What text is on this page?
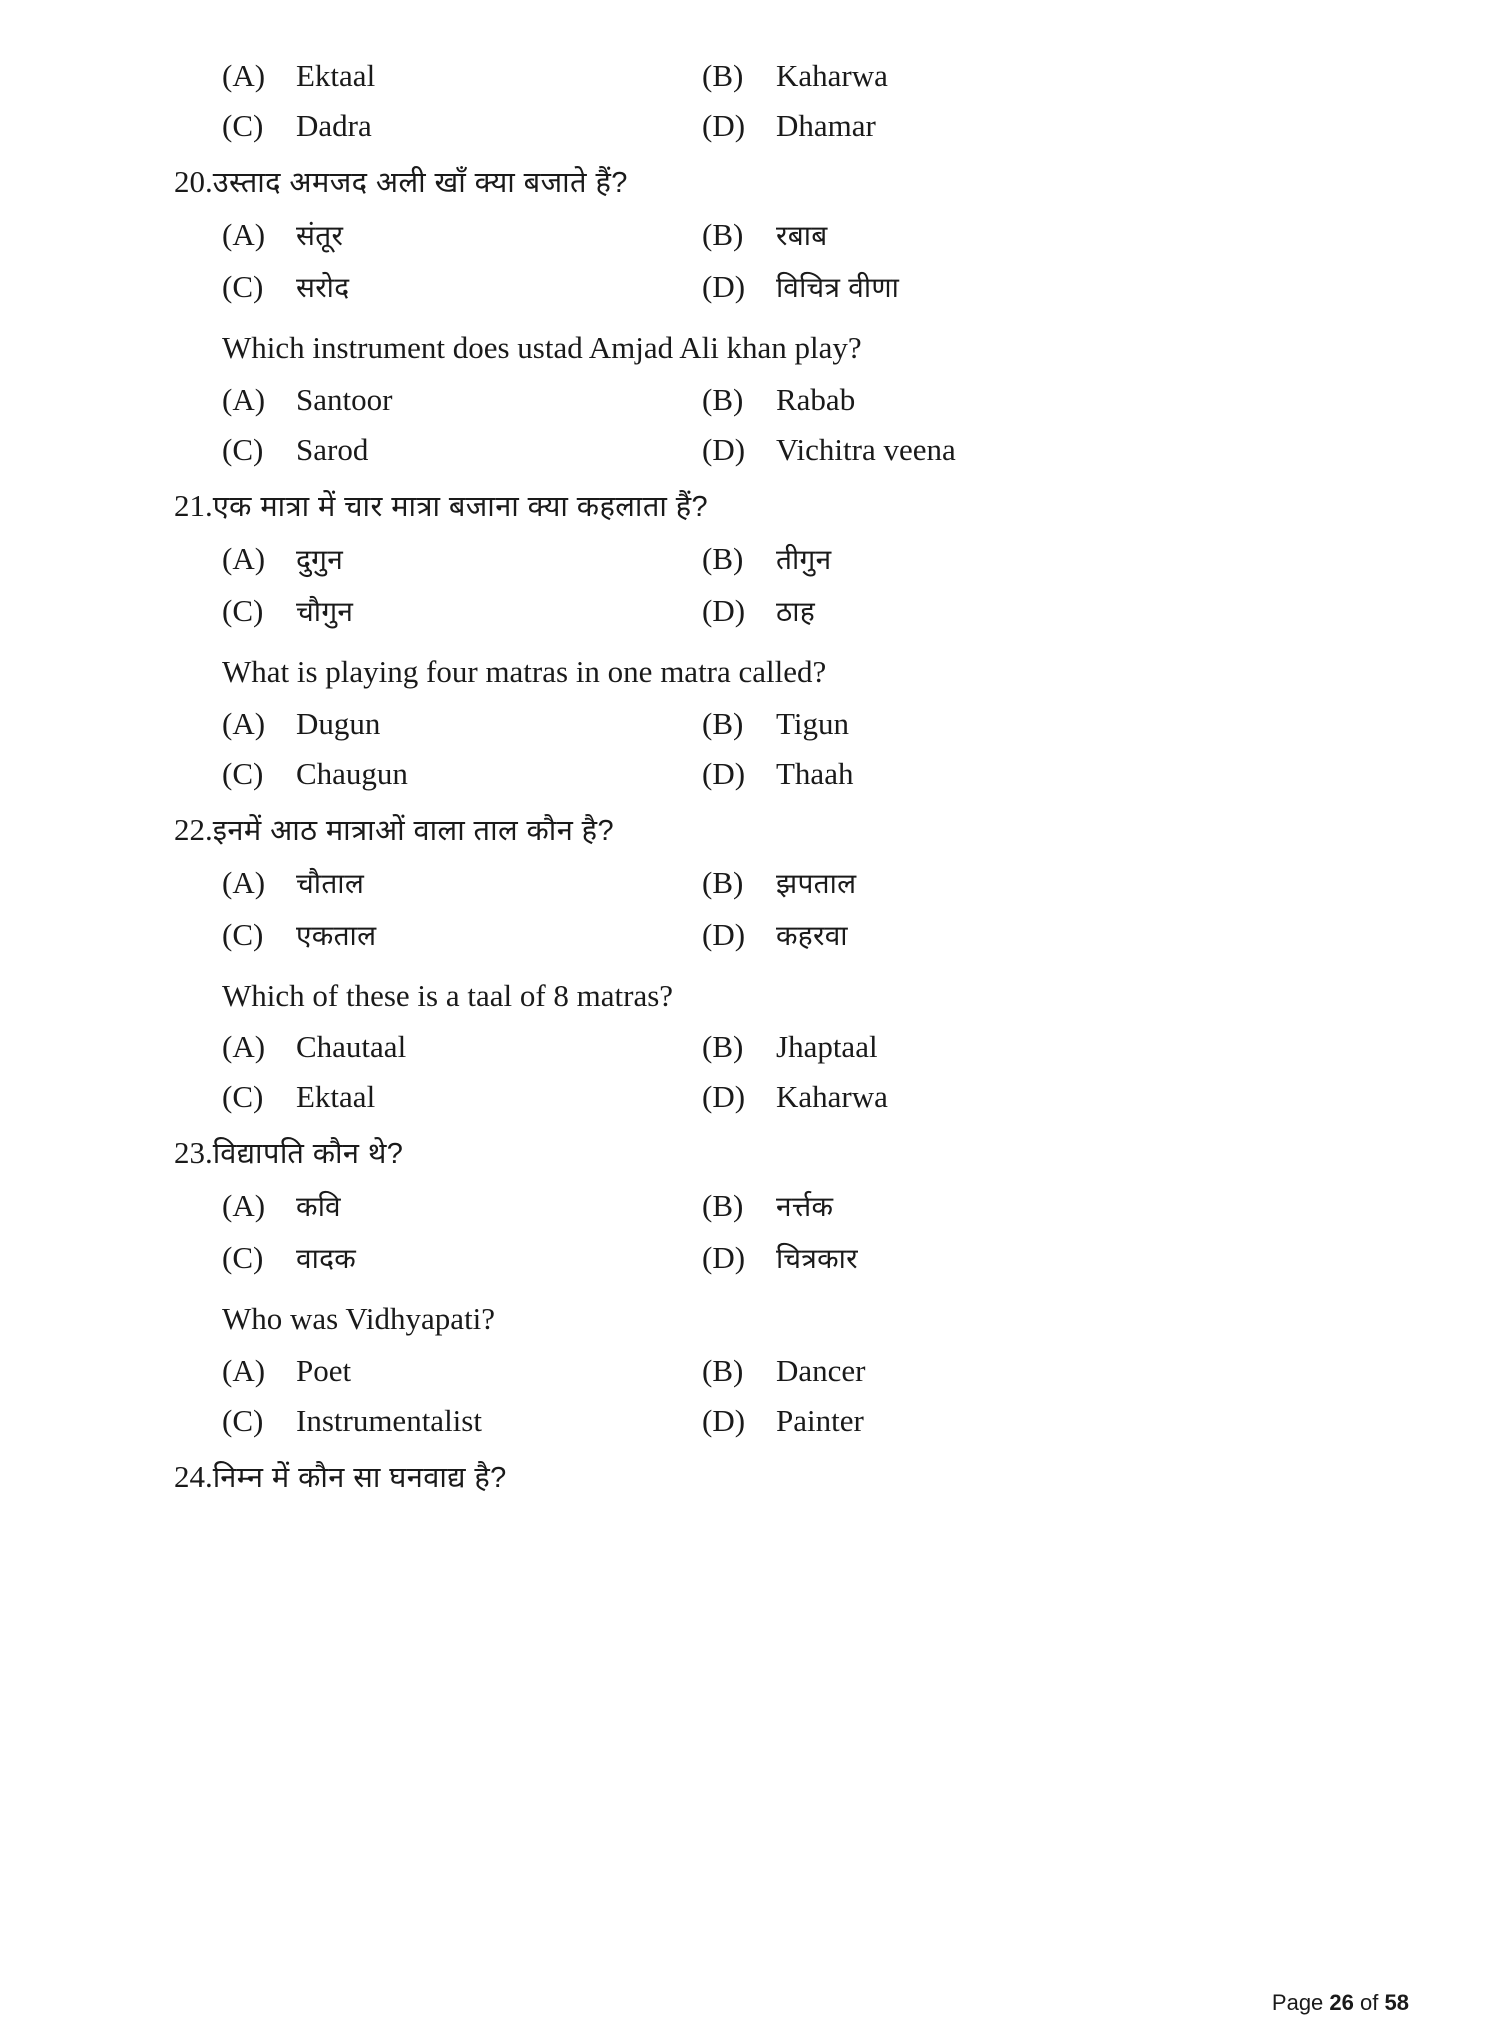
(A) Ektaal	(B)	Kaharwa
(C)	Dadra	(D) Dhamar
20. उस्ताद अमजद अली खाँ क्या बजाते हैं?
(A)	संतूर	(B)	रबाब
(C)	सरोद	(D)	विचित्र वीणा
Which instrument does ustad Amjad Ali khan play?
(A) Santoor	(B)	Rabab
(C)	Sarod	(D) Vichitra veena
21. एक मात्रा में चार मात्रा बजाना क्या कहलाता हैं?
(A)	दुगुन	(B)	तीगुन
(C)	चौगुन	(D)	ठाह
What is playing four matras in one matra called?
(A) Dugun	(B)	Tigun
(C)	Chaugun	(D) Thaah
22. इनमें आठ मात्राओं वाला ताल कौन है?
(A)	चौताल	(B)	झपताल
(C)	एकताल	(D)	कहरवा
Which of these is a taal of 8 matras?
(A) Chautaal	(B)	Jhaptaal
(C)	Ektaal	(D) Kaharwa
23. विद्यापति कौन थे?
(A)	कवि	(B)	नर्त्तक
(C)	वादक	(D)	चित्रकार
Who was Vidhyapati?
(A) Poet	(B)	Dancer
(C)	Instrumentalist	(D) Painter
24. निम्न में कौन सा घनवाद्य है?
Page 26 of 58
